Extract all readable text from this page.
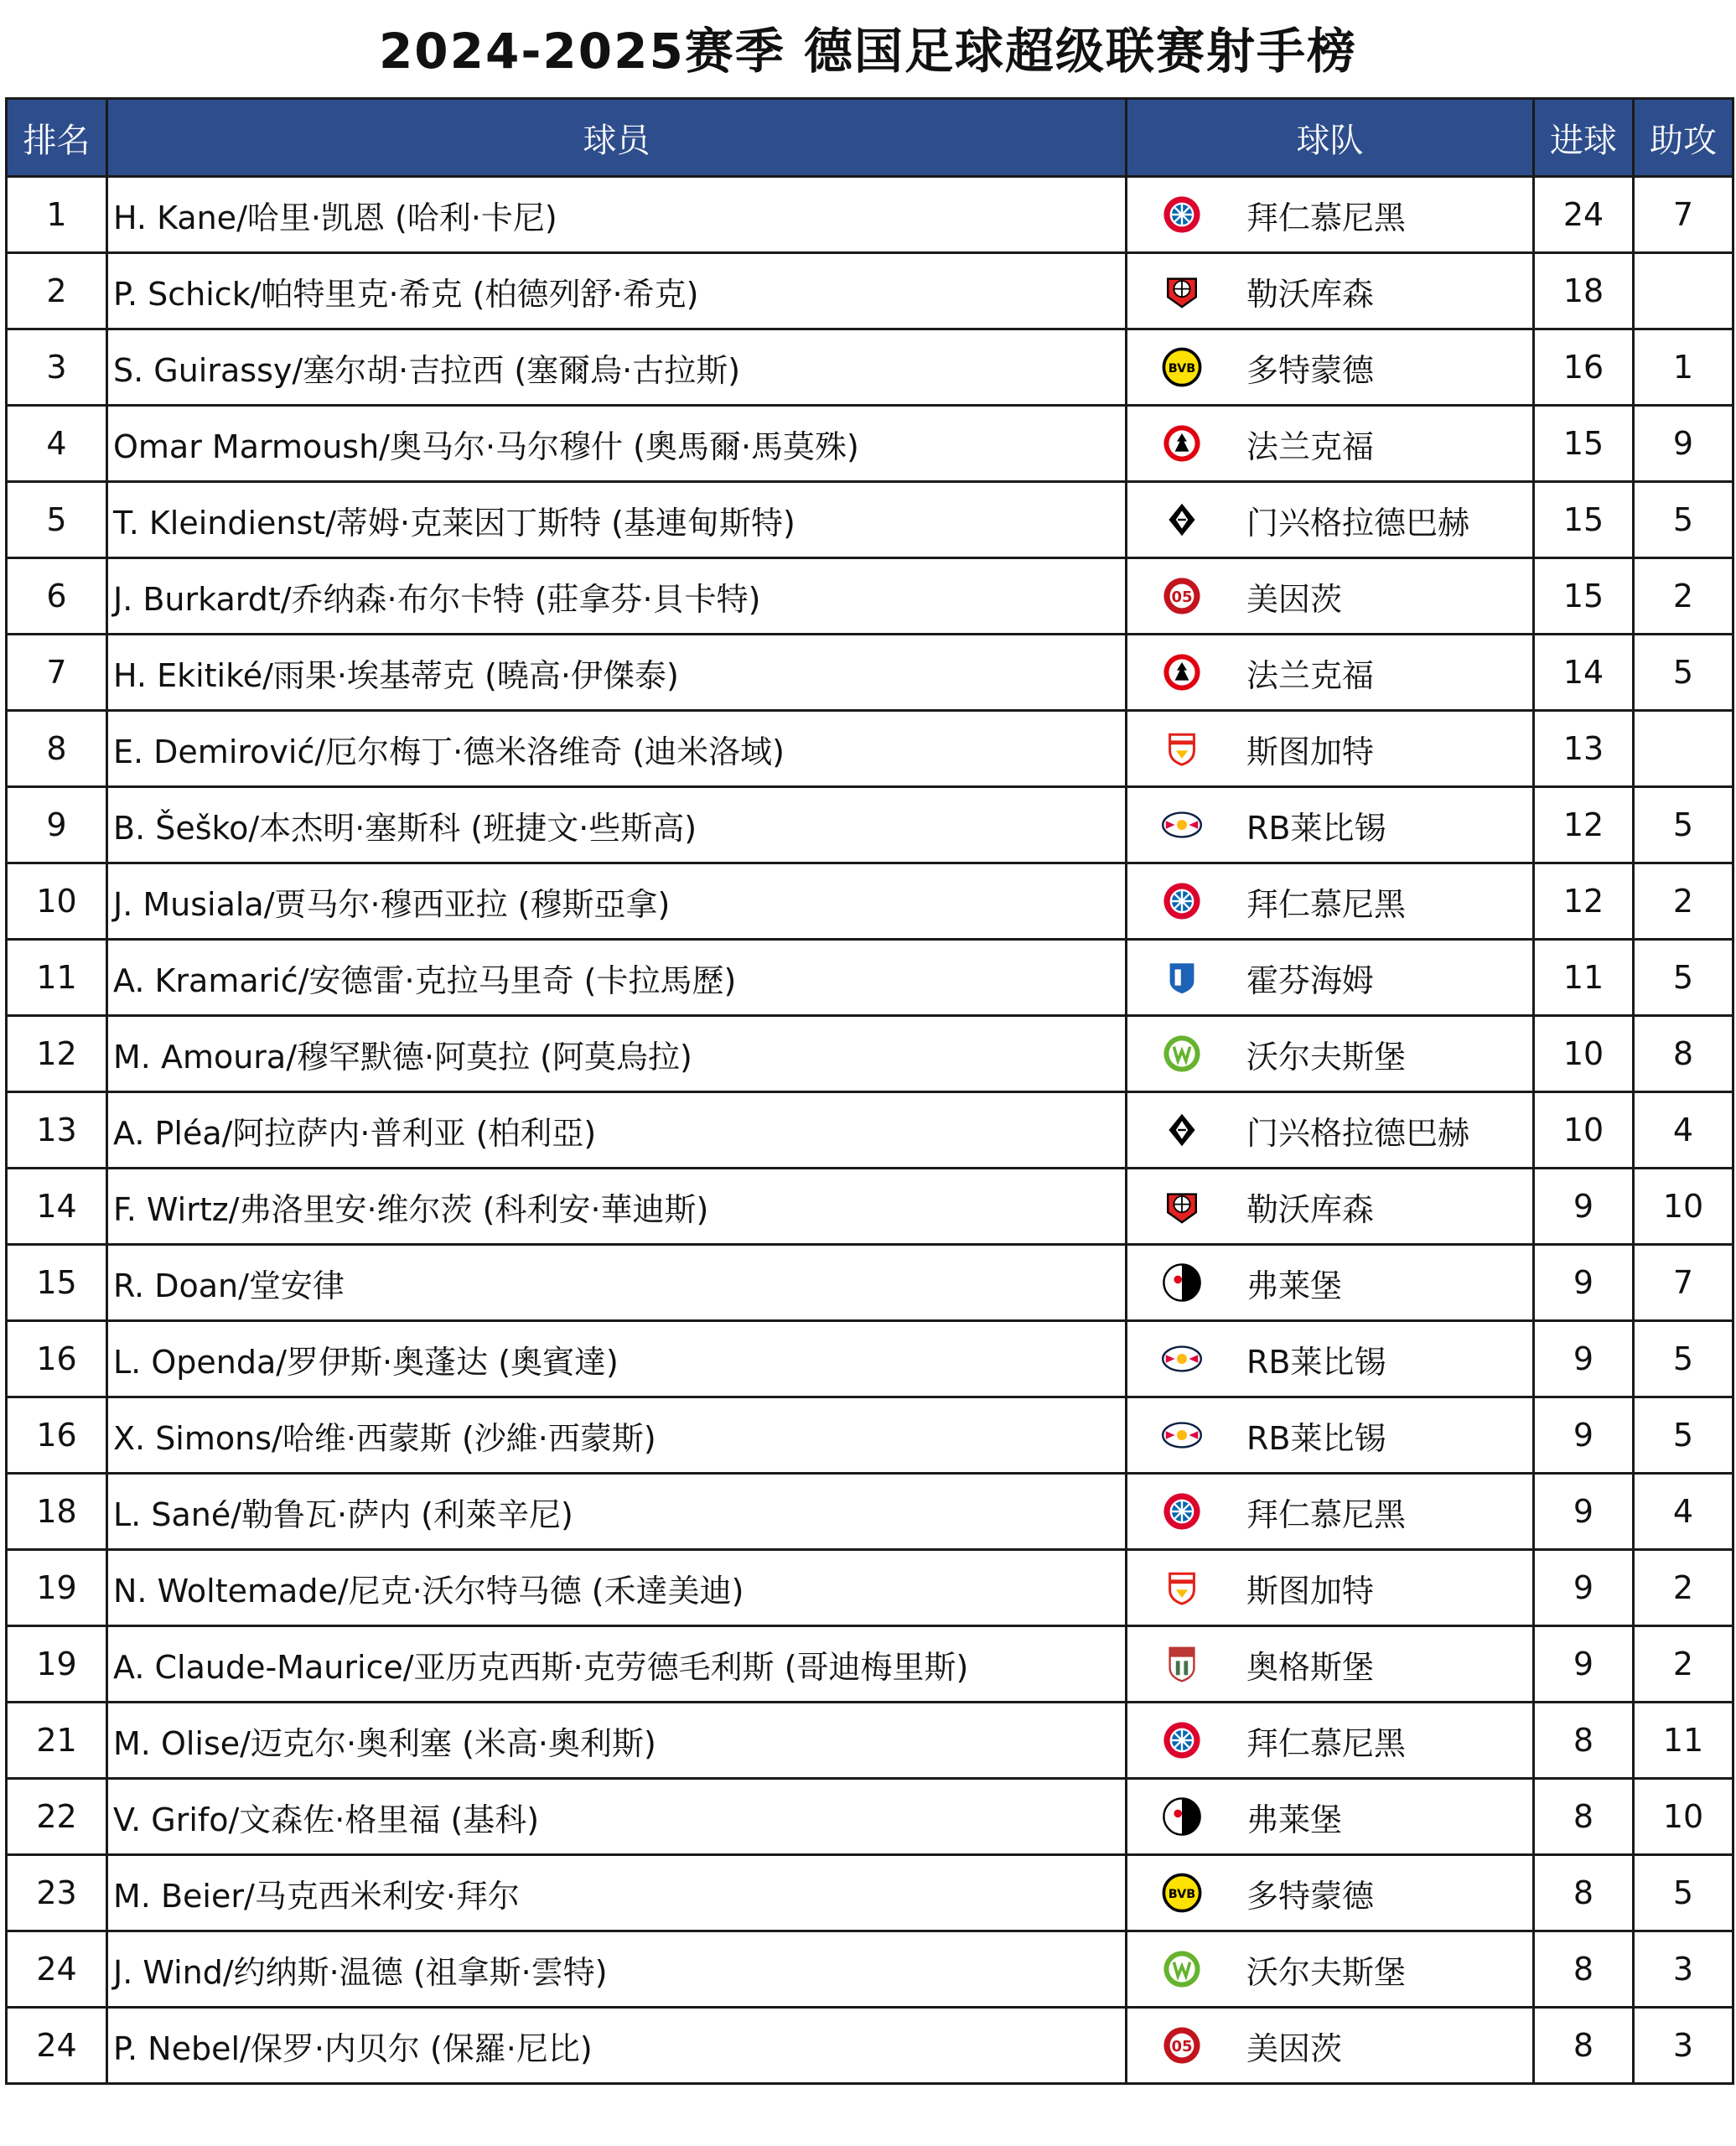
2024-2025赛季 德国足球超级联赛射手榜
排名	球员	球队	进球	助攻
1	H. Kane/哈里·凯恩 (哈利·卡尼)	拜仁慕尼黑	24	7
2	P. Schick/帕特里克·希克 (柏德列舒·希克)	勒沃库森	18	
3	S. Guirassy/塞尔胡·吉拉西 (塞爾烏·古拉斯)	BVB 多特蒙德	16	1
4	Omar Marmoush/奥马尔·马尔穆什 (奧馬爾·馬莫殊)	法兰克福	15	9
5	T. Kleindienst/蒂姆·克莱因丁斯特 (基連甸斯特)	门兴格拉德巴赫	15	5
6	J. Burkardt/乔纳森·布尔卡特 (莊拿芬·貝卡特)	05 美因茨	15	2
7	H. Ekitiké/雨果·埃基蒂克 (曉高·伊傑泰)	法兰克福	14	5
8	E. Demirović/厄尔梅丁·德米洛维奇 (迪米洛域)	斯图加特	13	
9	B. Šeško/本杰明·塞斯科 (班捷文·些斯高)	RB莱比锡	12	5
10	J. Musiala/贾马尔·穆西亚拉 (穆斯亞拿)	拜仁慕尼黑	12	2
11	A. Kramarić/安德雷·克拉马里奇 (卡拉馬歷)	霍芬海姆	11	5
12	M. Amoura/穆罕默德·阿莫拉 (阿莫烏拉)	沃尔夫斯堡	10	8
13	A. Pléa/阿拉萨内·普利亚 (柏利亞)	门兴格拉德巴赫	10	4
14	F. Wirtz/弗洛里安·维尔茨 (科利安·華迪斯)	勒沃库森	9	10
15	R. Doan/堂安律	弗莱堡	9	7
16	L. Openda/罗伊斯·奥蓬达 (奧賓達)	RB莱比锡	9	5
16	X. Simons/哈维·西蒙斯 (沙維·西蒙斯)	RB莱比锡	9	5
18	L. Sané/勒鲁瓦·萨内 (利萊辛尼)	拜仁慕尼黑	9	4
19	N. Woltemade/尼克·沃尔特马德 (禾達美迪)	斯图加特	9	2
19	A. Claude-Maurice/亚历克西斯·克劳德毛利斯 (哥迪梅里斯)	奥格斯堡	9	2
21	M. Olise/迈克尔·奥利塞 (米高·奧利斯)	拜仁慕尼黑	8	11
22	V. Grifo/文森佐·格里福 (基科)	弗莱堡	8	10
23	M. Beier/马克西米利安·拜尔	BVB 多特蒙德	8	5
24	J. Wind/约纳斯·温德 (祖拿斯·雲特)	沃尔夫斯堡	8	3
24	P. Nebel/保罗·内贝尔 (保羅·尼比)	05 美因茨	8	3
